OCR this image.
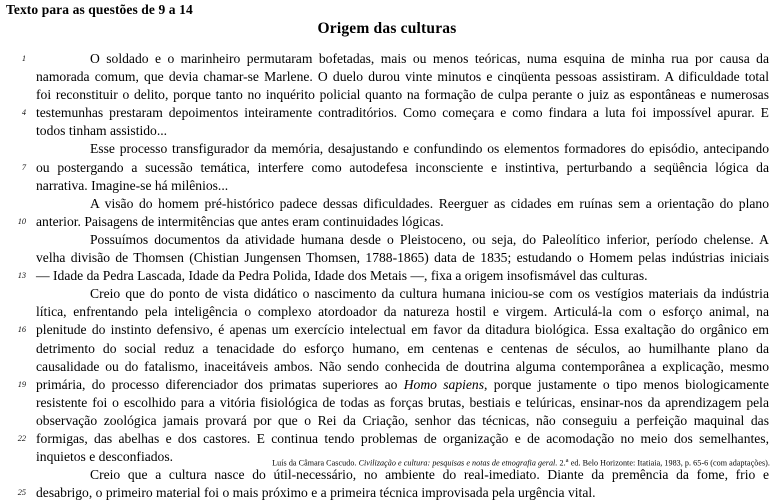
Texto para as questões de 9 a 14
Origem das culturas
1	O soldado e o marinheiro permutaram bofetadas, mais ou menos teóricas, numa esquina de minha rua por causa da
namorada comum, que devia chamar-se Marlene. O duelo durou vinte minutos e cinqüenta pessoas assistiram. A dificuldade total
foi reconstituir o delito, porque tanto no inquérito policial quanto na formação de culpa perante o juiz as espontâneas e numerosas
4 testemunhas prestaram depoimentos inteiramente contraditórios. Como começara e como findara a luta foi impossível apurar. E
todos tinham assistido...
Esse processo transfigurador da memória, desajustando e confundindo os elementos formadores do episódio, antecipando
7 ou postergando a sucessão temática, interfere como autodefesa inconsciente e instintiva, perturbando a seqüência lógica da
narrativa. Imagine-se há milênios...
A visão do homem pré-histórico padece dessas dificuldades. Reerguer as cidades em ruínas sem a orientação do plano
10 anterior. Paisagens de intermitências que antes eram continuidades lógicas.
Possuímos documentos da atividade humana desde o Pleistoceno, ou seja, do Paleolítico inferior, período chelense. A
velha divisão de Thomsen (Chistian Jungensen Thomsen, 1788-1865) data de 1835; estudando o Homem pelas indústrias iniciais
13 — Idade da Pedra Lascada, Idade da Pedra Polida, Idade dos Metais —, fixa a origem insofismável das culturas.
Creio que do ponto de vista didático o nascimento da cultura humana iniciou-se com os vestígios materiais da indústria
lítica, enfrentando pela inteligência o complexo atordoador da natureza hostil e virgem. Articulá-la com o esforço animal, na
16 plenitude do instinto defensivo, é apenas um exercício intelectual em favor da ditadura biológica. Essa exaltação do orgânico em
detrimento do social reduz a tenacidade do esforço humano, em centenas e centenas de séculos, ao humilhante plano da
causalidade ou do fatalismo, inaceitáveis ambos. Não sendo conhecida de doutrina alguma contemporânea a explicação, mesmo
19 primária, do processo diferenciador dos primatas superiores ao Homo sapiens, porque justamente o tipo menos biologicamente
resistente foi o escolhido para a vitória fisiológica de todas as forças brutas, bestiais e telúricas, ensinar-nos da aprendizagem pela
observação zoológica jamais provará por que o Rei da Criação, senhor das técnicas, não conseguiu a perfeição maquinal das
22 formigas, das abelhas e dos castores. E continua tendo problemas de organização e de acomodação no meio dos semelhantes,
inquietos e desconfiados.
Creio que a cultura nasce do útil-necessário, no ambiente do real-imediato. Diante da premência da fome, frio e
25 desabrigo, o primeiro material foi o mais próximo e a primeira técnica improvisada pela urgência vital.
Luís da Câmara Cascudo. Civilização e cultura: pesquisas e notas de etnografia geral. 2.$^a$ ed. Belo Horizonte: Itatiaia, 1983, p. 65-6 (com adaptações).
